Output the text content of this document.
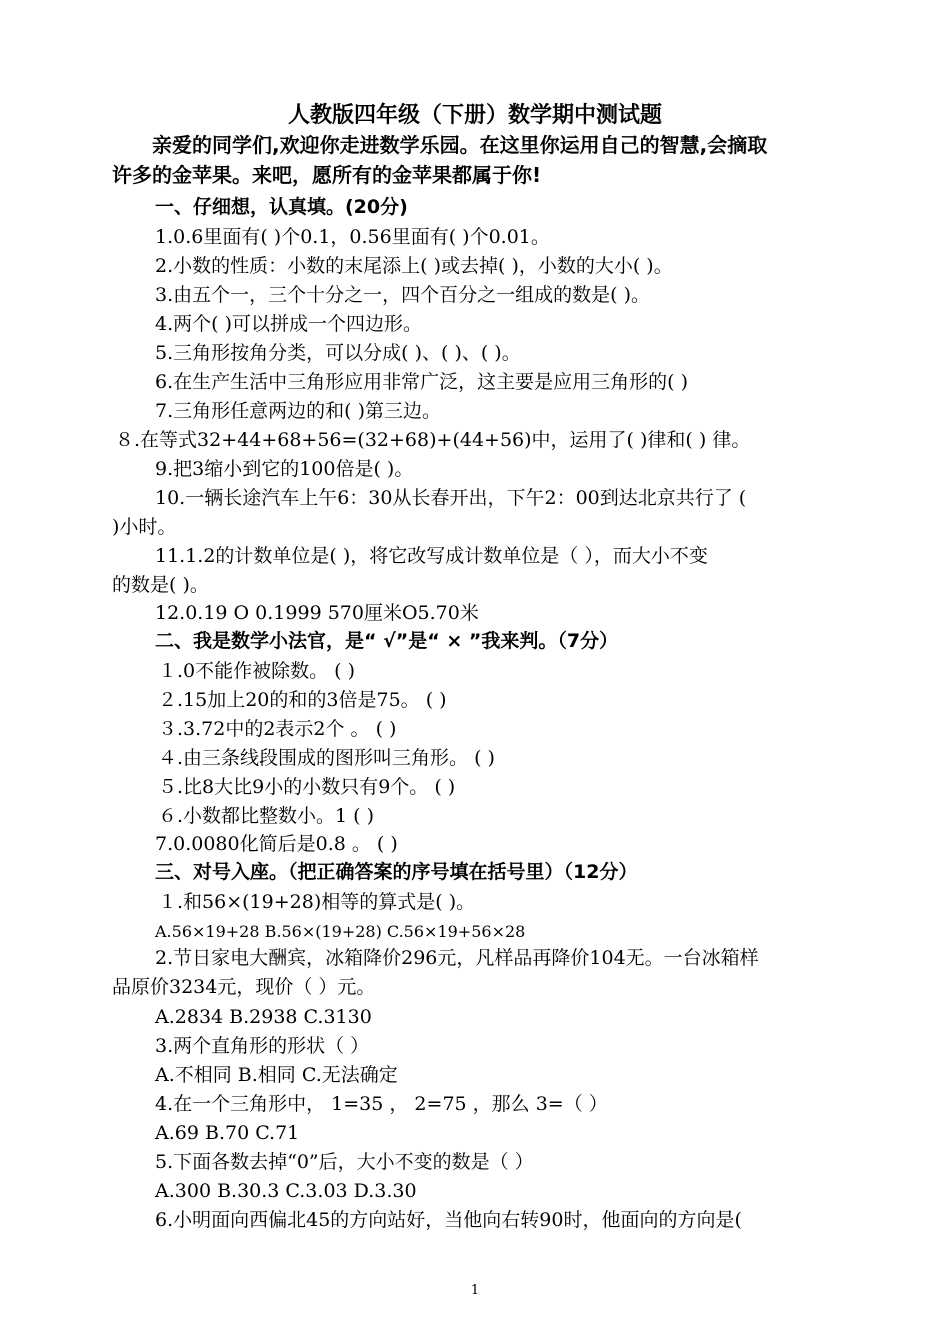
人教版四年级（下册）数学期中测试题
亲爱的同学们,欢迎你走进数学乐园。在这里你运用自己的智慧,会摘取
许多的金苹果。来吧，愿所有的金苹果都属于你!
一、仔细想，认真填。(20分)
1.0.6里面有( )个0.1，0.56里面有( )个0.01。
2.小数的性质：小数的末尾添上( )或去掉( )，小数的大小( )。
3.由五个一，三个十分之一，四个百分之一组成的数是( )。
4.两个( )可以拼成一个四边形。
5.三角形按角分类，可以分成( )、( )、( )。
6.在生产生活中三角形应用非常广泛，这主要是应用三角形的( )
7.三角形任意两边的和( )第三边。
８.在等式32+44+68+56=(32+68)+(44+56)中，运用了( )律和( ) 律。
9.把3缩小到它的100倍是( )。
10.一辆长途汽车上午6：30从长春开出，下午2：00到达北京共行了 (
)小时。
11.1.2的计数单位是( )，将它改写成计数单位是（ ），而大小不变
的数是( )。
12.0.19 O 0.1999 570厘米O5.70米
二、我是数学小法官，是“ √”是“ × ”我来判。（7分）
１.0不能作被除数。 ( )
２.15加上20的和的3倍是75。 ( )
３.3.72中的2表示2个 。 ( )
４.由三条线段围成的图形叫三角形。 ( )
５.比8大比9小的小数只有9个。 ( )
６.小数都比整数小。1 ( )
7.0.0080化简后是0.8 。 ( )
三、对号入座。（把正确答案的序号填在括号里）（12分）
１.和56×(19+28)相等的算式是( )。
A.56×19+28 B.56×(19+28) C.56×19+56×28
2.节日家电大酬宾，冰箱降价296元，凡样品再降价104无。一台冰箱样
品原价3234元，现价（ ）元。
A.2834 B.2938 C.3130
3.两个直角形的形状（ ）
A.不相同 B.相同 C.无法确定
4.在一个三角形中， 1=35 ， 2=75 ，那么 3=（ ）
A.69 B.70 C.71
5.下面各数去掉“0”后，大小不变的数是（ ）
A.300 B.30.3 C.3.03 D.3.30
6.小明面向西偏北45的方向站好，当他向右转90时，他面向的方向是(
1
